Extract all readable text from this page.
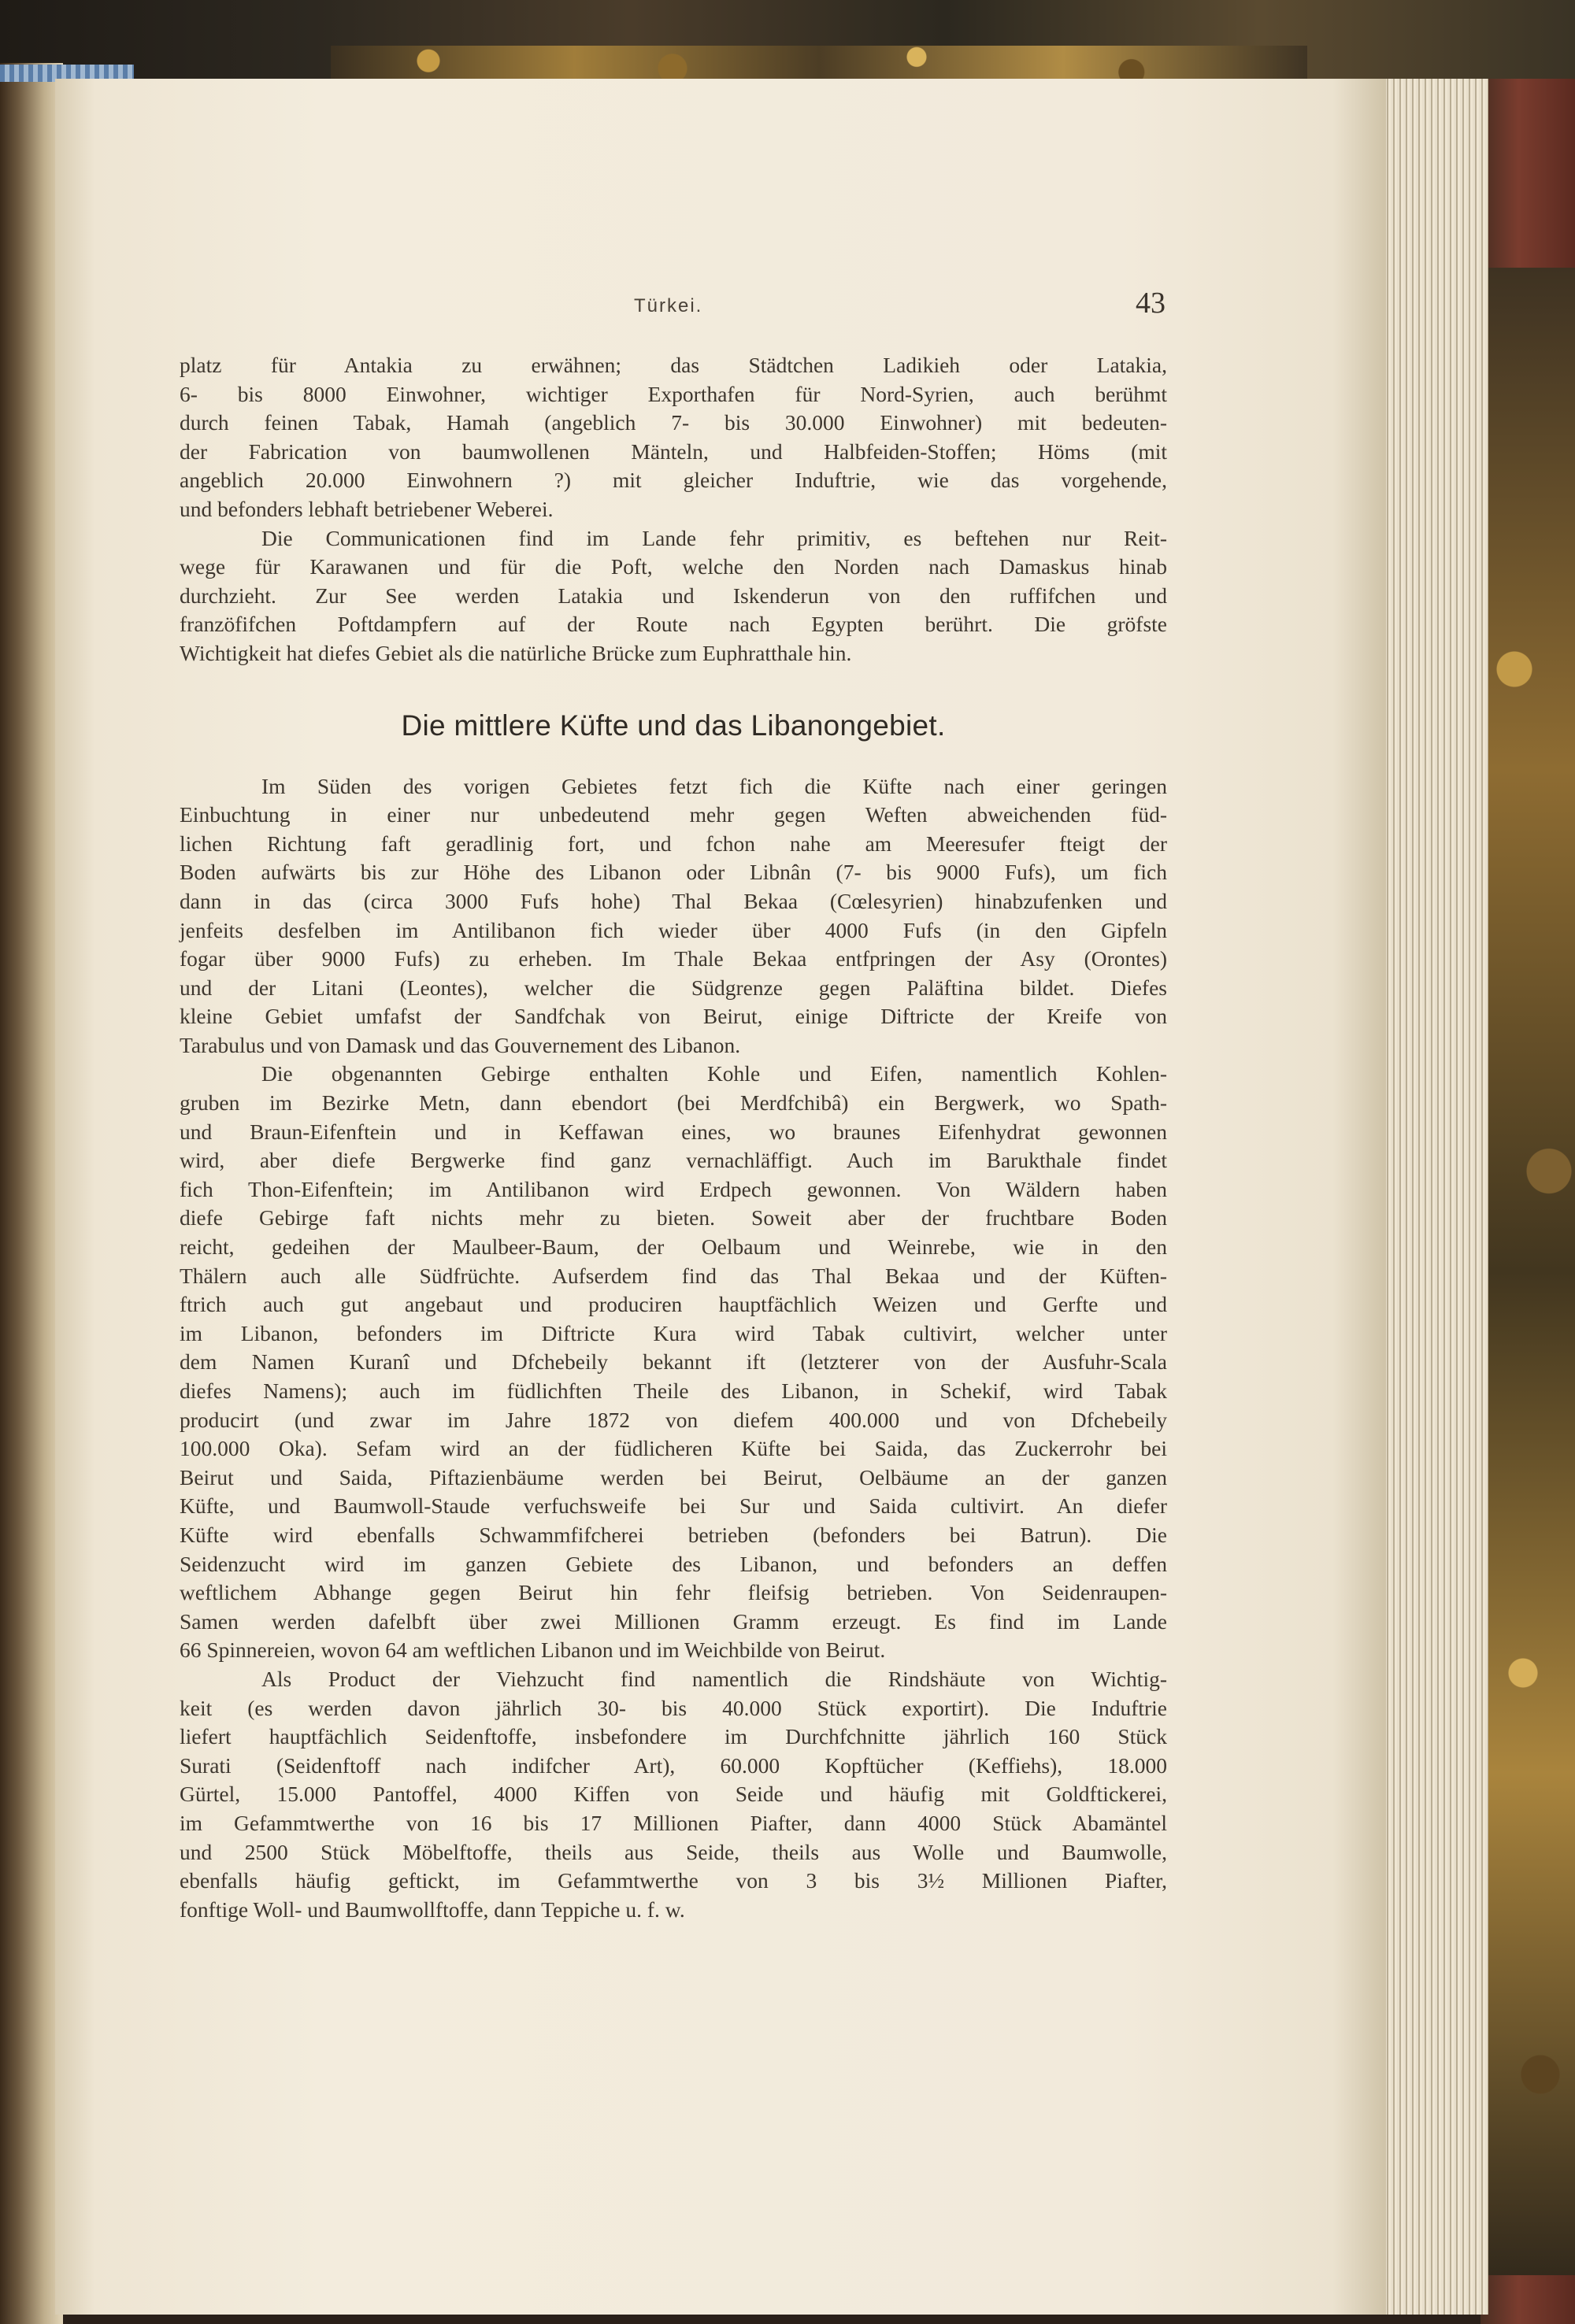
Türkei.	43
platz für Antakia zu erwähnen; das Städtchen Ladikieh oder Latakia,
6- bis 8000 Einwohner, wichtiger Exporthafen für Nord-Syrien, auch berühmt
durch feinen Tabak, Hamah (angeblich 7- bis 30.000 Einwohner) mit bedeuten-
der Fabrication von baumwollenen Mänteln, und Halbfeiden-Stoffen; Höms (mit
angeblich 20.000 Einwohnern ?) mit gleicher Induftrie, wie das vorgehende,
und befonders lebhaft betriebener Weberei.
Die Communicationen find im Lande fehr primitiv, es beftehen nur Reit-
wege für Karawanen und für die Poft, welche den Norden nach Damaskus hinab
durchzieht. Zur See werden Latakia und Iskenderun von den ruffifchen und
franzöfifchen Poftdampfern auf der Route nach Egypten berührt. Die gröfste
Wichtigkeit hat diefes Gebiet als die natürliche Brücke zum Euphratthale hin.
Die mittlere Küfte und das Libanongebiet.
Im Süden des vorigen Gebietes fetzt fich die Küfte nach einer geringen
Einbuchtung in einer nur unbedeutend mehr gegen Weften abweichenden füd-
lichen Richtung faft geradlinig fort, und fchon nahe am Meeresufer fteigt der
Boden aufwärts bis zur Höhe des Libanon oder Libnân (7- bis 9000 Fufs), um fich
dann in das (circa 3000 Fufs hohe) Thal Bekaa (Cœlesyrien) hinabzufenken und
jenfeits desfelben im Antilibanon fich wieder über 4000 Fufs (in den Gipfeln
fogar über 9000 Fufs) zu erheben. Im Thale Bekaa entfpringen der Asy (Orontes)
und der Litani (Leontes), welcher die Südgrenze gegen Paläftina bildet. Diefes
kleine Gebiet umfafst der Sandfchak von Beirut, einige Diftricte der Kreife von
Tarabulus und von Damask und das Gouvernement des Libanon.
Die obgenannten Gebirge enthalten Kohle und Eifen, namentlich Kohlen-
gruben im Bezirke Metn, dann ebendort (bei Merdfchibâ) ein Bergwerk, wo Spath-
und Braun-Eifenftein und in Keffawan eines, wo braunes Eifenhydrat gewonnen
wird, aber diefe Bergwerke find ganz vernachläffigt. Auch im Barukthale findet
fich Thon-Eifenftein; im Antilibanon wird Erdpech gewonnen. Von Wäldern haben
diefe Gebirge faft nichts mehr zu bieten. Soweit aber der fruchtbare Boden
reicht, gedeihen der Maulbeer-Baum, der Oelbaum und Weinrebe, wie in den
Thälern auch alle Südfrüchte. Aufserdem find das Thal Bekaa und der Küften-
ftrich auch gut angebaut und produciren hauptfächlich Weizen und Gerfte und
im Libanon, befonders im Diftricte Kura wird Tabak cultivirt, welcher unter
dem Namen Kuranî und Dfchebeily bekannt ift (letzterer von der Ausfuhr-Scala
diefes Namens); auch im füdlichften Theile des Libanon, in Schekif, wird Tabak
producirt (und zwar im Jahre 1872 von diefem 400.000 und von Dfchebeily
100.000 Oka). Sefam wird an der füdlicheren Küfte bei Saida, das Zuckerrohr bei
Beirut und Saida, Piftazienbäume werden bei Beirut, Oelbäume an der ganzen
Küfte, und Baumwoll-Staude verfuchsweife bei Sur und Saida cultivirt. An diefer
Küfte wird ebenfalls Schwammfifcherei betrieben (befonders bei Batrun). Die
Seidenzucht wird im ganzen Gebiete des Libanon, und befonders an deffen
weftlichem Abhange gegen Beirut hin fehr fleifsig betrieben. Von Seidenraupen-
Samen werden dafelbft über zwei Millionen Gramm erzeugt. Es find im Lande
66 Spinnereien, wovon 64 am weftlichen Libanon und im Weichbilde von Beirut.
Als Product der Viehzucht find namentlich die Rindshäute von Wichtig-
keit (es werden davon jährlich 30- bis 40.000 Stück exportirt). Die Induftrie
liefert hauptfächlich Seidenftoffe, insbefondere im Durchfchnitte jährlich 160 Stück
Surati (Seidenftoff nach indifcher Art), 60.000 Kopftücher (Keffiehs), 18.000
Gürtel, 15.000 Pantoffel, 4000 Kiffen von Seide und häufig mit Goldftickerei,
im Gefammtwerthe von 16 bis 17 Millionen Piafter, dann 4000 Stück Abamäntel
und 2500 Stück Möbelftoffe, theils aus Seide, theils aus Wolle und Baumwolle,
ebenfalls häufig geftickt, im Gefammtwerthe von 3 bis 3½ Millionen Piafter,
fonftige Woll- und Baumwollftoffe, dann Teppiche u. f. w.
